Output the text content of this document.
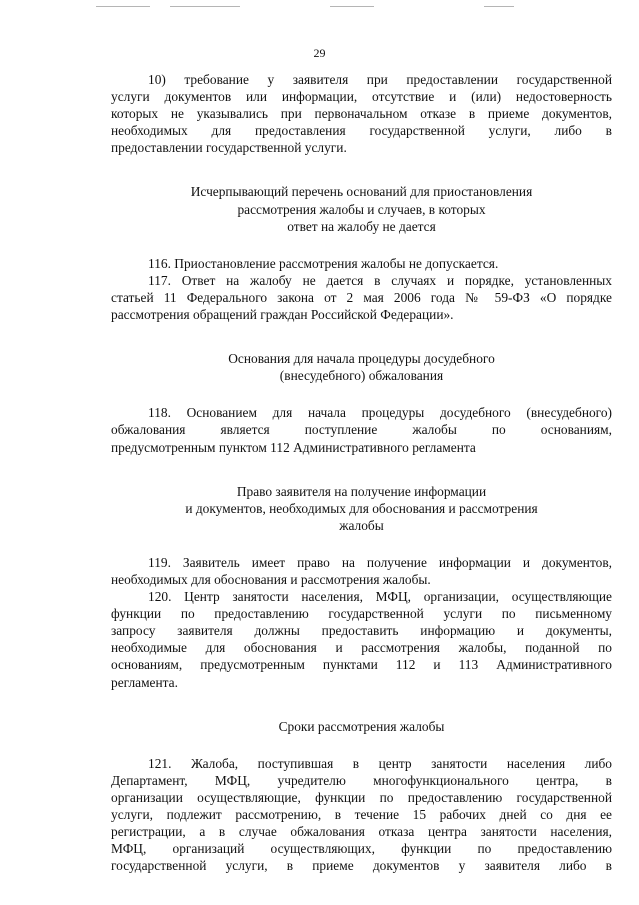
29
10) требование у заявителя при предоставлении государственной
услуги документов или информации, отсутствие и (или) недостоверность
которых не указывались при первоначальном отказе в приеме документов,
необходимых для предоставления государственной услуги, либо в
предоставлении государственной услуги.
Исчерпывающий перечень оснований для приостановления
рассмотрения жалобы и случаев, в которых
ответ на жалобу не дается
116. Приостановление рассмотрения жалобы не допускается.
117. Ответ на жалобу не дается в случаях и порядке, установленных
статьей 11 Федерального закона от 2 мая 2006 года № 59-ФЗ «О порядке
рассмотрения обращений граждан Российской Федерации».
Основания для начала процедуры досудебного
(внесудебного) обжалования
118. Основанием для начала процедуры досудебного (внесудебного)
обжалования является поступление жалобы по основаниям,
предусмотренным пунктом 112 Административного регламента
Право заявителя на получение информации
и документов, необходимых для обоснования и рассмотрения
жалобы
119. Заявитель имеет право на получение информации и документов,
необходимых для обоснования и рассмотрения жалобы.
120. Центр занятости населения, МФЦ, организации, осуществляющие
функции по предоставлению государственной услуги по письменному
запросу заявителя должны предоставить информацию и документы,
необходимые для обоснования и рассмотрения жалобы, поданной по
основаниям, предусмотренным пунктами 112 и 113 Административного
регламента.
Сроки рассмотрения жалобы
121. Жалоба, поступившая в центр занятости населения либо
Департамент, МФЦ, учредителю многофункционального центра, в
организации осуществляющие, функции по предоставлению государственной
услуги, подлежит рассмотрению, в течение 15 рабочих дней со дня ее
регистрации, а в случае обжалования отказа центра занятости населения,
МФЦ, организаций осуществляющих, функции по предоставлению
государственной услуги, в приеме документов у заявителя либо в
